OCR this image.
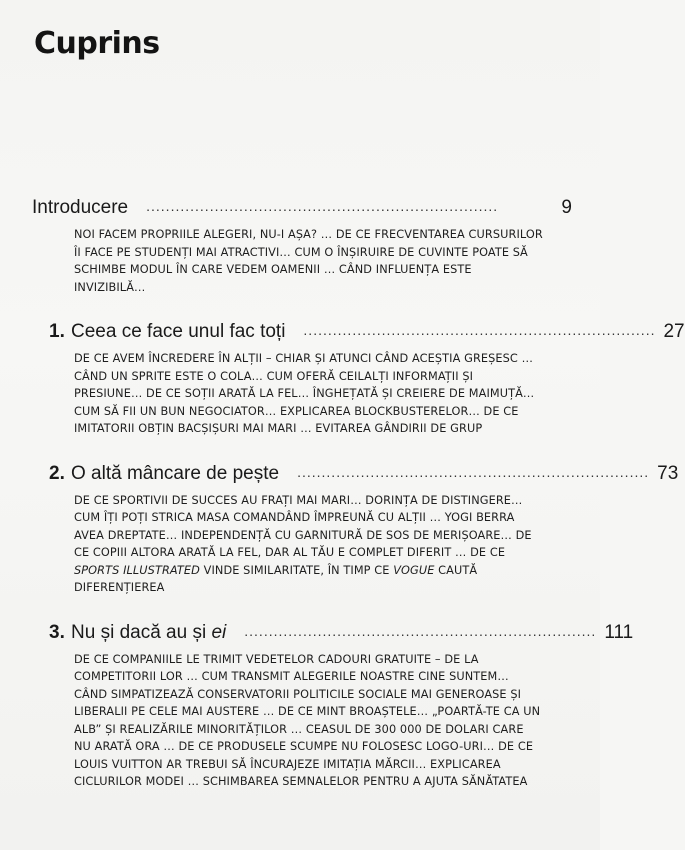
Cuprins
Introducere	........................................................................	9
NOI FACEM PROPRIILE ALEGERI, NU-I AȘA? … DE CE FRECVENTAREA CURSURILOR ÎI FACE PE STUDENȚI MAI ATRACTIVI… CUM O ÎNȘIRUIRE DE CUVINTE POATE SĂ SCHIMBE MODUL ÎN CARE VEDEM OAMENII … CÂND INFLUENȚA ESTE INVIZIBILĂ…
1. Ceea ce face unul fac toți	........................................................................ 27
DE CE AVEM ÎNCREDERE ÎN ALȚII – CHIAR ȘI ATUNCI CÂND ACEȘTIA GREȘESC … CÂND UN SPRITE ESTE O COLA… CUM OFERĂ CEILALȚI INFORMAȚII ȘI PRESIUNE… DE CE SOȚII ARATĂ LA FEL… ÎNGHEȚATĂ ȘI CREIERE DE MAIMUȚĂ… CUM SĂ FII UN BUN NEGOCIATOR… EXPLICAREA BLOCKBUSTERELOR… DE CE IMITATORII OBȚIN BACȘIȘURI MAI MARI … EVITAREA GÂNDIRII DE GRUP
2. O altă mâncare de pește	........................................................................ 73
DE CE SPORTIVII DE SUCCES AU FRAȚI MAI MARI… DORINȚA DE DISTINGERE… CUM ÎȚI POȚI STRICA MASA COMANDÂND ÎMPREUNĂ CU ALȚII … YOGI BERRA AVEA DREPTATE… INDEPENDENȚĂ CU GARNITURĂ DE SOS DE MERIȘOARE… DE CE COPIII ALTORA ARATĂ LA FEL, DAR AL TĂU E COMPLET DIFERIT … DE CE SPORTS ILLUSTRATED VINDE SIMILARITATE, ÎN TIMP CE VOGUE CAUTĂ DIFERENȚIEREA
3. Nu și dacă au și ei	........................................................................ 111
DE CE COMPANIILE LE TRIMIT VEDETELOR CADOURI GRATUITE – DE LA COMPETITORII LOR … CUM TRANSMIT ALEGERILE NOASTRE CINE SUNTEM… CÂND SIMPATIZEAZĂ CONSERVATORII POLITICILE SOCIALE MAI GENEROASE ȘI LIBERALII PE CELE MAI AUSTERE … DE CE MINT BROAȘTELE… „POARTĂ-TE CA UN ALB” ȘI REALIZĂRILE MINORITĂȚILOR … CEASUL DE 300 000 DE DOLARI CARE NU ARATĂ ORA … DE CE PRODUSELE SCUMPE NU FOLOSESC LOGO-URI… DE CE LOUIS VUITTON AR TREBUI SĂ ÎNCURAJEZE IMITAȚIA MĂRCII… EXPLICAREA CICLURILOR MODEI … SCHIMBAREA SEMNALELOR PENTRU A AJUTA SĂNĂTATEA
